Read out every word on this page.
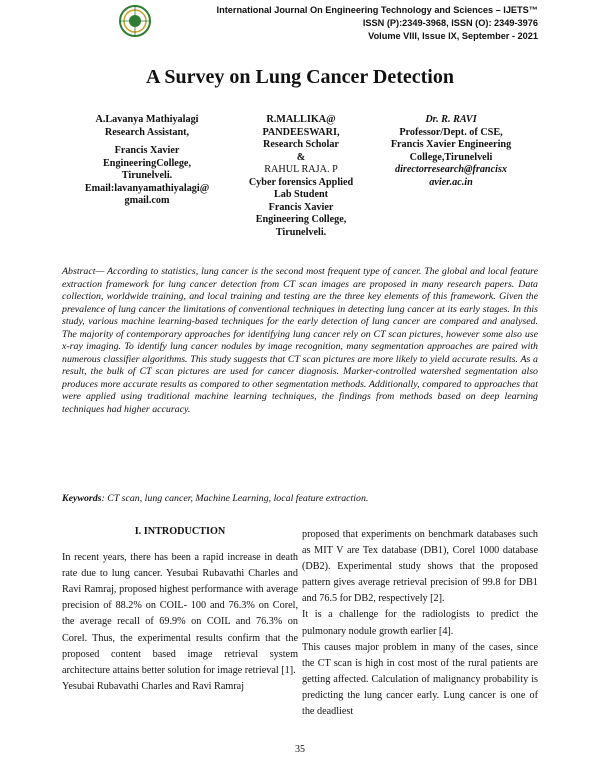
International Journal On Engineering Technology and Sciences – IJETS™
ISSN (P):2349-3968, ISSN (O): 2349-3976
Volume VIII, Issue IX, September - 2021
A Survey on Lung Cancer Detection
A.Lavanya Mathiyalagi
Research Assistant,
Francis Xavier
EngineeringCollege,
Tirunelveli.
Email:lavanyamathiyalagi@
gmail.com
R.MALLIKA@
PANDEESWARI,
Research Scholar
&
RAHUL RAJA. P
Cyber forensics Applied
Lab Student
Francis Xavier
Engineering College,
Tirunelveli.
Dr. R. RAVI
Professor/Dept. of CSE,
Francis Xavier Engineering
College,Tirunelveli
directorresearch@francisx
avier.ac.in
Abstract— According to statistics, lung cancer is the second most frequent type of cancer. The global and local feature extraction framework for lung cancer detection from CT scan images are proposed in many research papers. Data collection, worldwide training, and local training and testing are the three key elements of this framework. Given the prevalence of lung cancer the limitations of conventional techniques in detecting lung cancer at its early stages. In this study, various machine learning-based techniques for the early detection of lung cancer are compared and analysed. The majority of contemporary approaches for identifying lung cancer rely on CT scan pictures, however some also use x-ray imaging. To identify lung cancer nodules by image recognition, many segmentation approaches are paired with numerous classifier algorithms. This study suggests that CT scan pictures are more likely to yield accurate results. As a result, the bulk of CT scan pictures are used for cancer diagnosis. Marker-controlled watershed segmentation also produces more accurate results as compared to other segmentation methods. Additionally, compared to approaches that were applied using traditional machine learning techniques, the findings from methods based on deep learning techniques had higher accuracy.
Keywords: CT scan, lung cancer, Machine Learning, local feature extraction.

I. INTRODUCTION

In recent years, there has been a rapid increase in death rate due to lung cancer. Yesubai Rubavathi Charles and Ravi Ramraj, proposed highest performance with average precision of 88.2% on COIL- 100 and 76.3% on Corel, the average recall of 69.9% on COIL and 76.3% on Corel. Thus, the experimental results confirm that the proposed content based image retrieval system architecture attains better solution for image retrieval [1].

Yesubai Rubavathi Charles and Ravi Ramraj

proposed that experiments on benchmark databases such as MIT V are Tex database (DB1), Corel 1000 database (DB2). Experimental study shows that the proposed pattern gives average retrieval precision of 99.8 for DB1 and 76.5 for DB2, respectively [2].

It is a challenge for the radiologists to predict the pulmonary nodule growth earlier [4].

This causes major problem in many of the cases, since the CT scan is high in cost most of the rural patients are getting affected. Calculation of malignancy probability is predicting the lung cancer early. Lung cancer is one of the deadliest

35
